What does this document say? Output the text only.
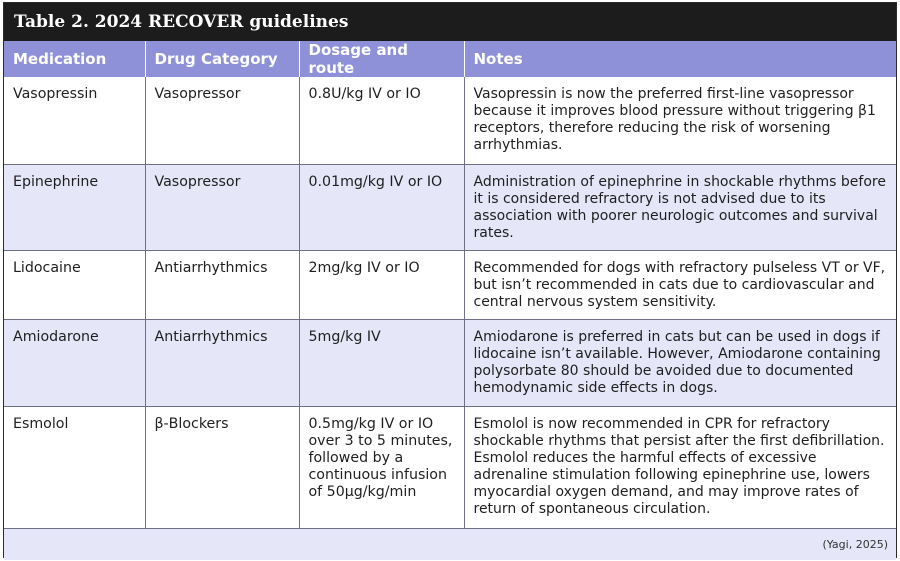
Table 2. 2024 RECOVER guidelines
Medication	Drug Category	Dosage and route	Notes
Vasopressin	Vasopressor	0.8U/kg IV or IO	Vasopressin is now the preferred first-line vasopressor because it improves blood pressure without triggering β1 receptors, therefore reducing the risk of worsening arrhythmias.
Epinephrine	Vasopressor	0.01mg/kg IV or IO	Administration of epinephrine in shockable rhythms before it is considered refractory is not advised due to its association with poorer neurologic outcomes and survival rates.
Lidocaine	Antiarrhythmics	2mg/kg IV or IO	Recommended for dogs with refractory pulseless VT or VF, but isn’t recommended in cats due to cardiovascular and central nervous system sensitivity.
Amiodarone	Antiarrhythmics	5mg/kg IV	Amiodarone is preferred in cats but can be used in dogs if lidocaine isn’t available. However, Amiodarone containing polysorbate 80 should be avoided due to documented hemodynamic side effects in dogs.
Esmolol	β-Blockers	0.5mg/kg IV or IO over 3 to 5 minutes, followed by a continuous infusion of 50µg/kg/min	Esmolol is now recommended in CPR for refractory shockable rhythms that persist after the first defibrillation. Esmolol reduces the harmful effects of excessive adrenaline stimulation following epinephrine use, lowers myocardial oxygen demand, and may improve rates of return of spontaneous circulation.
(Yagi, 2025)
